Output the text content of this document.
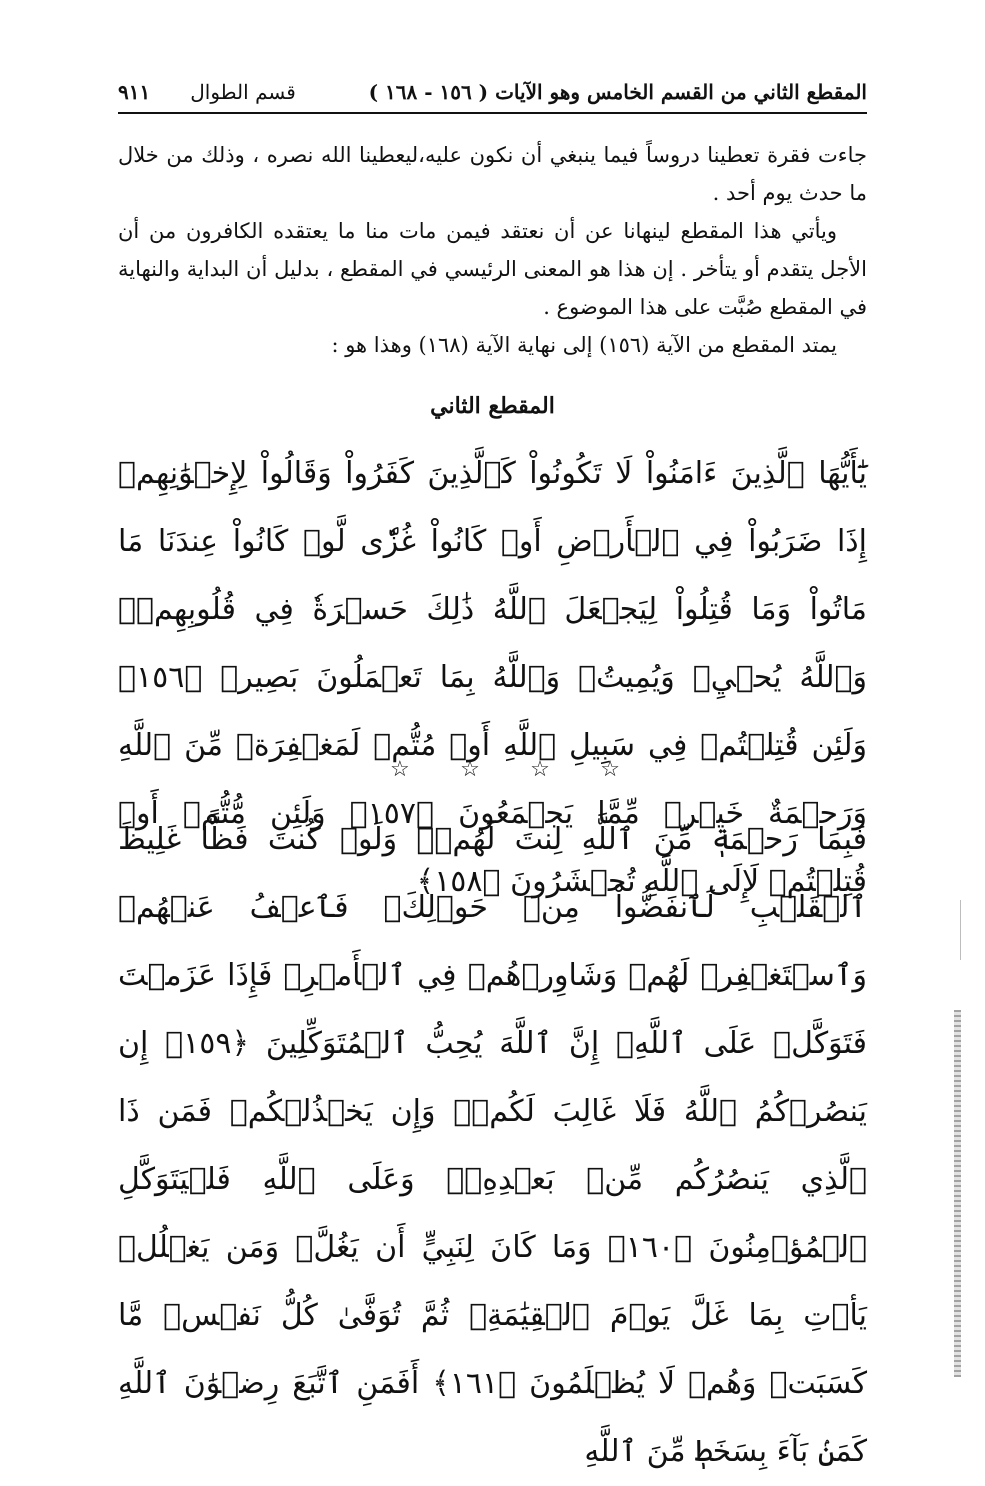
المقطع الثاني من القسم الخامس وهو الآيات ( ١٥٦ - ١٦٨ )
قسم الطوال
٩١١

جاءت فقرة تعطينا دروساً فيما ينبغي أن نكون عليه،ليعطينا الله نصره ، وذلك من خلال ما حدث يوم أحد .

ويأتي هذا المقطع لينهانا عن أن نعتقد فيمن مات منا ما يعتقده الكافرون من أن الأجل يتقدم أو يتأخر . إن هذا هو المعنى الرئيسي في المقطع ، بدليل أن البداية والنهاية في المقطع صُبَّت على هذا الموضوع .

يمتد المقطع من الآية (١٥٦) إلى نهاية الآية (١٦٨) وهذا هو :

المقطع الثاني
يَٰٓأَيُّهَا ٱلَّذِينَ ءَامَنُواْ لَا تَكُونُواْ كَٱلَّذِينَ كَفَرُواْ وَقَالُواْ لِإِخۡوَٰنِهِمۡ إِذَا ضَرَبُواْ فِي ٱلۡأَرۡضِ أَوۡ كَانُواْ غُزّٗى لَّوۡ كَانُواْ عِندَنَا مَا مَاتُواْ وَمَا قُتِلُواْ لِيَجۡعَلَ ٱللَّهُ ذَٰلِكَ حَسۡرَةٗ فِي قُلُوبِهِمۡۗ وَٱللَّهُ يُحۡيِۦ وَيُمِيتُۗ وَٱللَّهُ بِمَا تَعۡمَلُونَ بَصِيرٞ ﴿١٥٦﴾ وَلَئِن قُتِلۡتُمۡ فِي سَبِيلِ ٱللَّهِ أَوۡ مُتُّمۡ لَمَغۡفِرَةٞ مِّنَ ٱللَّهِ وَرَحۡمَةٌ خَيۡرٞ مِّمَّا يَجۡمَعُونَ ﴿١٥٧﴾ وَلَئِن مُّتُّمۡ أَوۡ قُتِلۡتُمۡ لَإِلَى ٱللَّهِ تُحۡشَرُونَ ﴿١٥٨﴾
☆ ☆ ☆ ☆
فَبِمَا رَحۡمَةٖ مِّنَ ٱللَّهِ لِنتَ لَهُمۡۖ وَلَوۡ كُنتَ فَظًّا غَلِيظَ ٱلۡقَلۡبِ لَٱنفَضُّواْ مِنۡ حَوۡلِكَۖ فَٱعۡفُ عَنۡهُمۡ وَٱسۡتَغۡفِرۡ لَهُمۡ وَشَاوِرۡهُمۡ فِي ٱلۡأَمۡرِۖ فَإِذَا عَزَمۡتَ فَتَوَكَّلۡ عَلَى ٱللَّهِۚ إِنَّ ٱللَّهَ يُحِبُّ ٱلۡمُتَوَكِّلِينَ ﴿١٥٩﴾ إِن يَنصُرۡكُمُ ٱللَّهُ فَلَا غَالِبَ لَكُمۡۖ وَإِن يَخۡذُلۡكُمۡ فَمَن ذَا ٱلَّذِي يَنصُرُكُم مِّنۢ بَعۡدِهِۦۗ وَعَلَى ٱللَّهِ فَلۡيَتَوَكَّلِ ٱلۡمُؤۡمِنُونَ ﴿١٦٠﴾ وَمَا كَانَ لِنَبِيٍّ أَن يَغُلَّۚ وَمَن يَغۡلُلۡ يَأۡتِ بِمَا غَلَّ يَوۡمَ ٱلۡقِيَٰمَةِۚ ثُمَّ تُوَفَّىٰ كُلُّ نَفۡسٖ مَّا كَسَبَتۡ وَهُمۡ لَا يُظۡلَمُونَ ﴿١٦١﴾ أَفَمَنِ ٱتَّبَعَ رِضۡوَٰنَ ٱللَّهِ كَمَنۢ بَآءَ بِسَخَطٖ مِّنَ ٱللَّهِ
